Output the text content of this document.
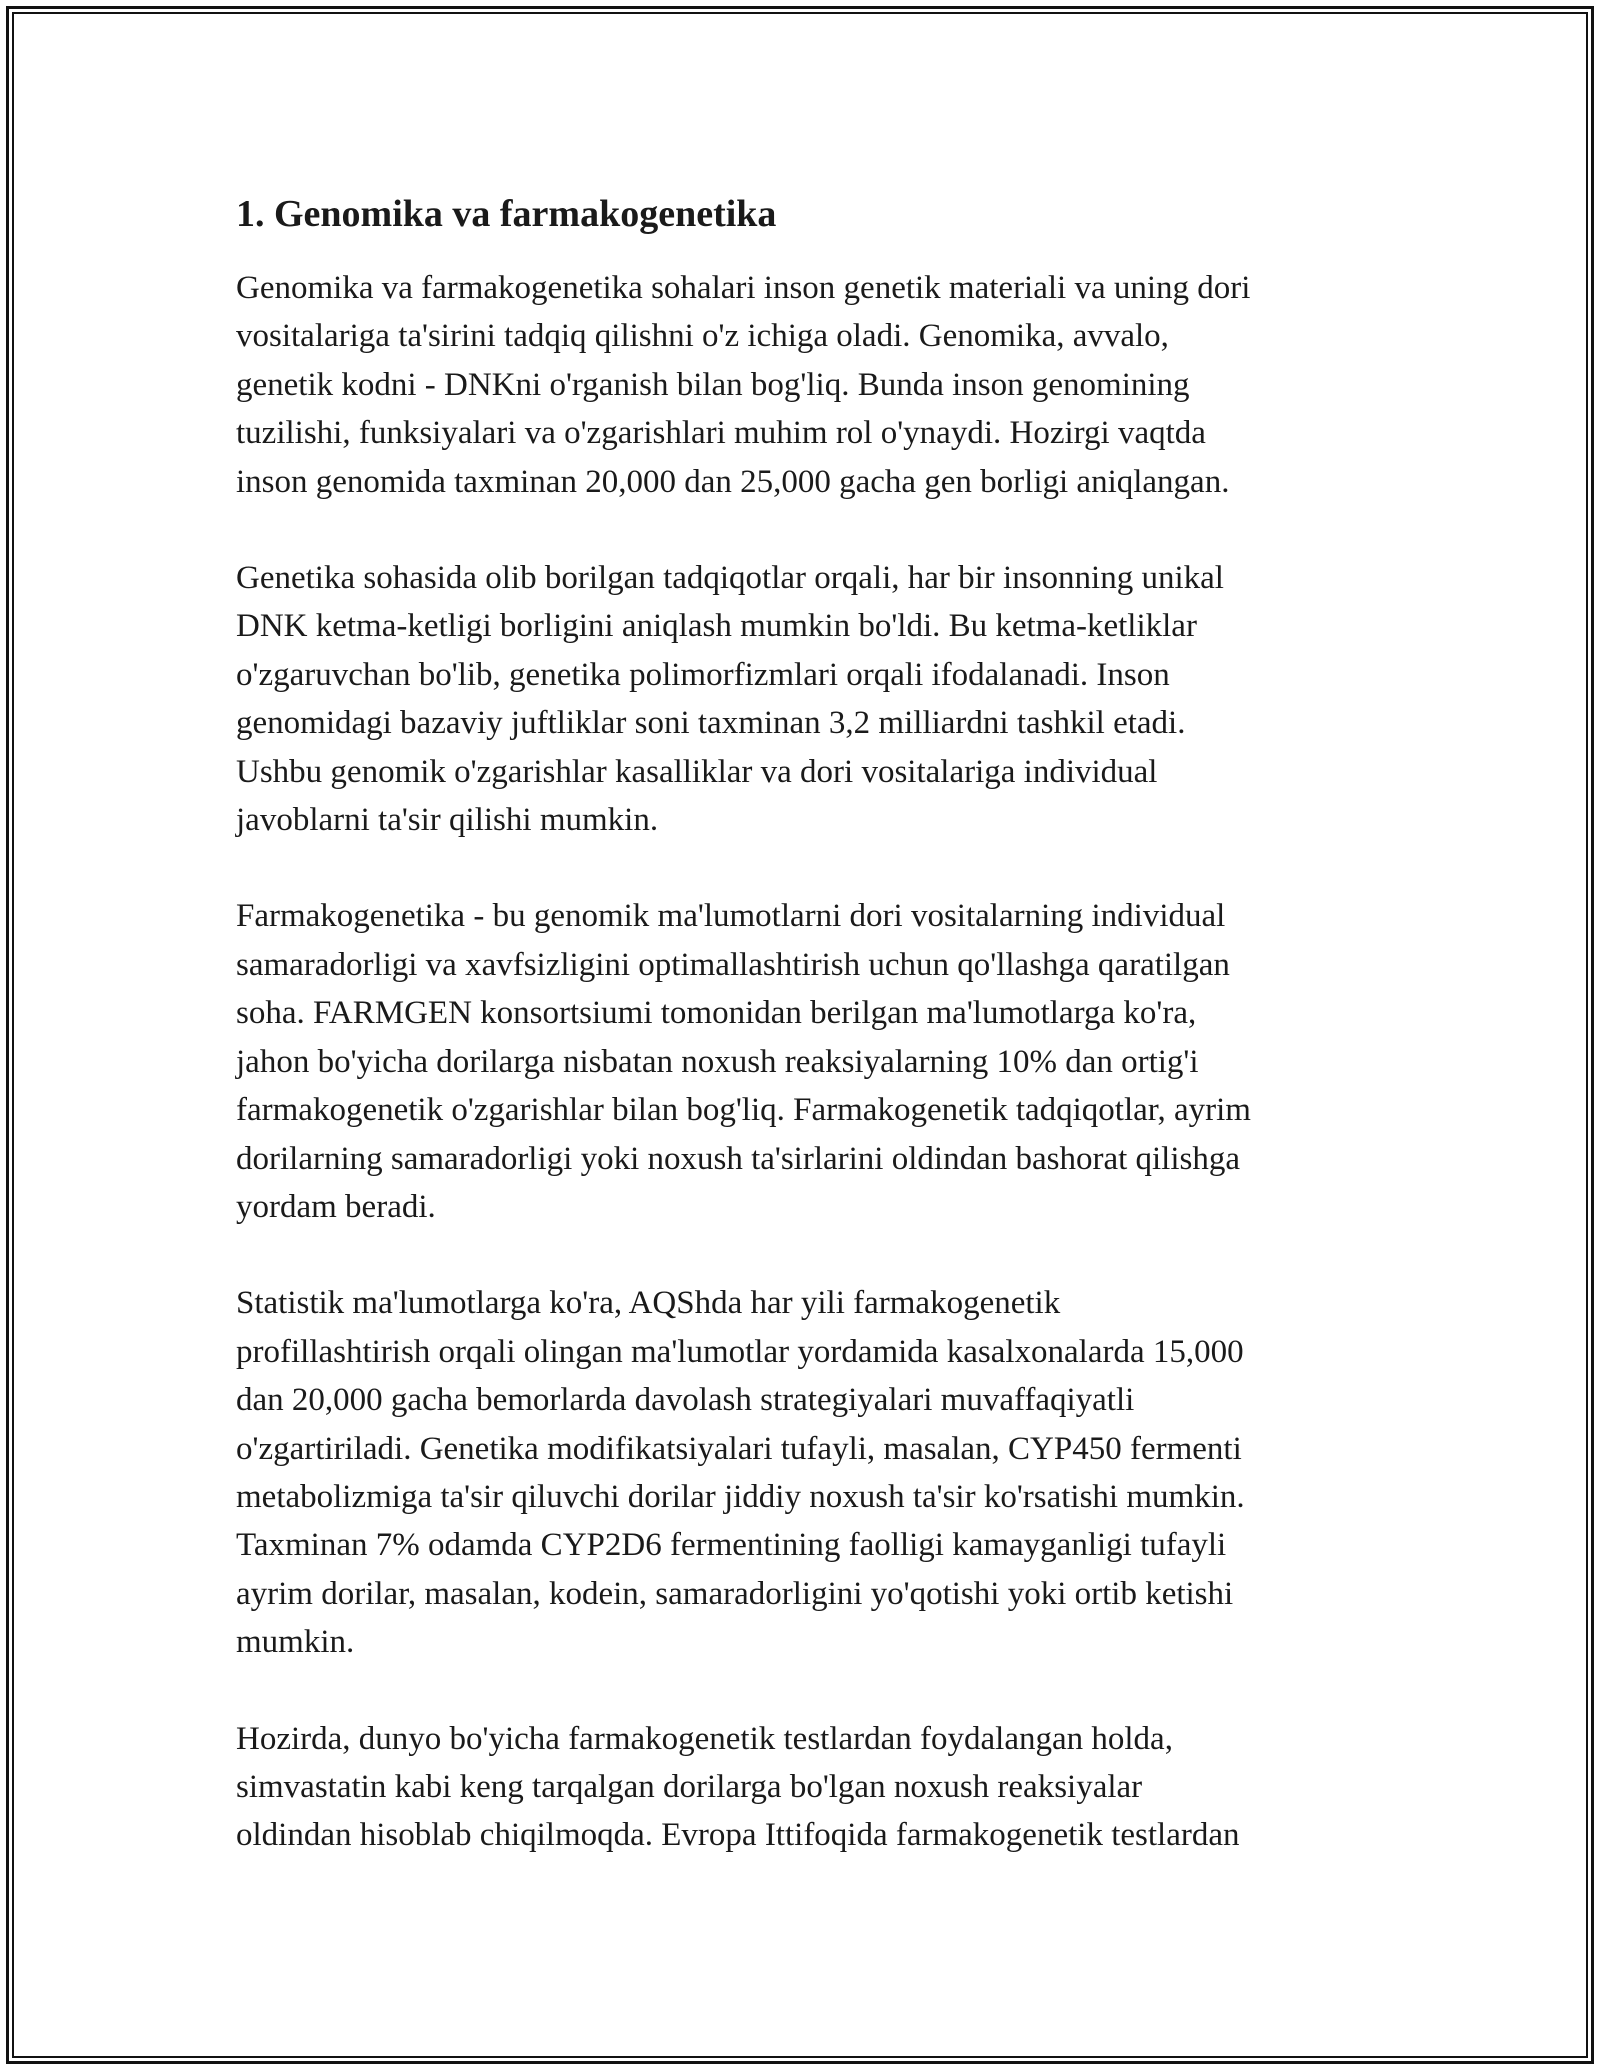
1. Genomika va farmakogenetika

Genomika va farmakogenetika sohalari inson genetik materiali va uning dori
vositalariga ta'sirini tadqiq qilishni o'z ichiga oladi. Genomika, avvalo,
genetik kodni - DNKni o'rganish bilan bog'liq. Bunda inson genomining
tuzilishi, funksiyalari va o'zgarishlari muhim rol o'ynaydi. Hozirgi vaqtda
inson genomida taxminan 20,000 dan 25,000 gacha gen borligi aniqlangan.

Genetika sohasida olib borilgan tadqiqotlar orqali, har bir insonning unikal
DNK ketma-ketligi borligini aniqlash mumkin bo'ldi. Bu ketma-ketliklar
o'zgaruvchan bo'lib, genetika polimorfizmlari orqali ifodalanadi. Inson
genomidagi bazaviy juftliklar soni taxminan 3,2 milliardni tashkil etadi.
Ushbu genomik o'zgarishlar kasalliklar va dori vositalariga individual
javoblarni ta'sir qilishi mumkin.

Farmakogenetika - bu genomik ma'lumotlarni dori vositalarning individual
samaradorligi va xavfsizligini optimallashtirish uchun qo'llashga qaratilgan
soha. FARMGEN konsortsiumi tomonidan berilgan ma'lumotlarga ko'ra,
jahon bo'yicha dorilarga nisbatan noxush reaksiyalarning 10% dan ortig'i
farmakogenetik o'zgarishlar bilan bog'liq. Farmakogenetik tadqiqotlar, ayrim
dorilarning samaradorligi yoki noxush ta'sirlarini oldindan bashorat qilishga
yordam beradi.

Statistik ma'lumotlarga ko'ra, AQShda har yili farmakogenetik
profillashtirish orqali olingan ma'lumotlar yordamida kasalxonalarda 15,000
dan 20,000 gacha bemorlarda davolash strategiyalari muvaffaqiyatli
o'zgartiriladi. Genetika modifikatsiyalari tufayli, masalan, CYP450 fermenti
metabolizmiga ta'sir qiluvchi dorilar jiddiy noxush ta'sir ko'rsatishi mumkin.
Taxminan 7% odamda CYP2D6 fermentining faolligi kamayganligi tufayli
ayrim dorilar, masalan, kodein, samaradorligini yo'qotishi yoki ortib ketishi
mumkin.

Hozirda, dunyo bo'yicha farmakogenetik testlardan foydalangan holda,
simvastatin kabi keng tarqalgan dorilarga bo'lgan noxush reaksiyalar
oldindan hisoblab chiqilmoqda. Evropa Ittifoqida farmakogenetik testlardan
